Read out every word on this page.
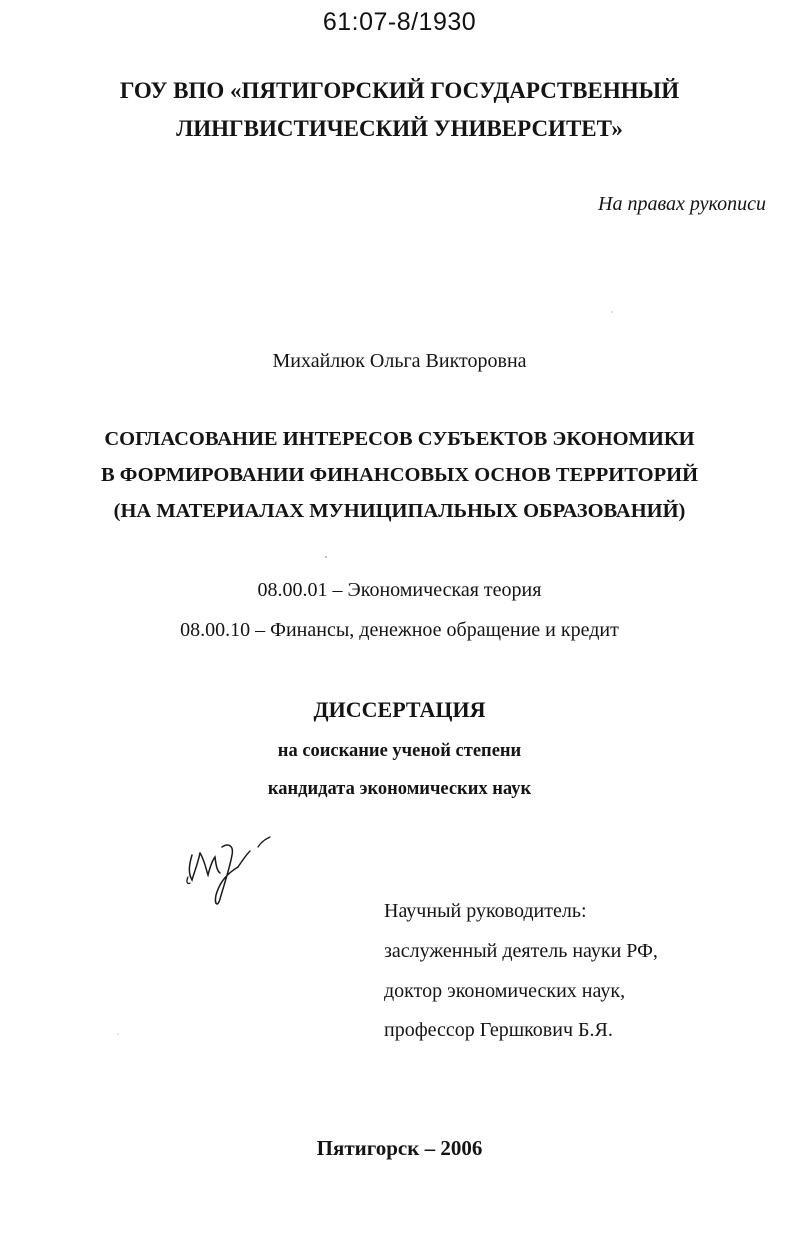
61:07-8/1930
ГОУ ВПО «ПЯТИГОРСКИЙ ГОСУДАРСТВЕННЫЙ
ЛИНГВИСТИЧЕСКИЙ УНИВЕРСИТЕТ»
На правах рукописи
Михайлюк Ольга Викторовна
СОГЛАСОВАНИЕ ИНТЕРЕСОВ СУБЪЕКТОВ ЭКОНОМИКИ
В ФОРМИРОВАНИИ ФИНАНСОВЫХ ОСНОВ ТЕРРИТОРИЙ
(НА МАТЕРИАЛАХ МУНИЦИПАЛЬНЫХ ОБРАЗОВАНИЙ)
08.00.01 – Экономическая теория
08.00.10 – Финансы, денежное обращение и кредит
ДИССЕРТАЦИЯ
на соискание ученой степени
кандидата экономических наук
Научный руководитель:
заслуженный деятель науки РФ,
доктор экономических наук,
профессор Гершкович Б.Я.
Пятигорск – 2006
